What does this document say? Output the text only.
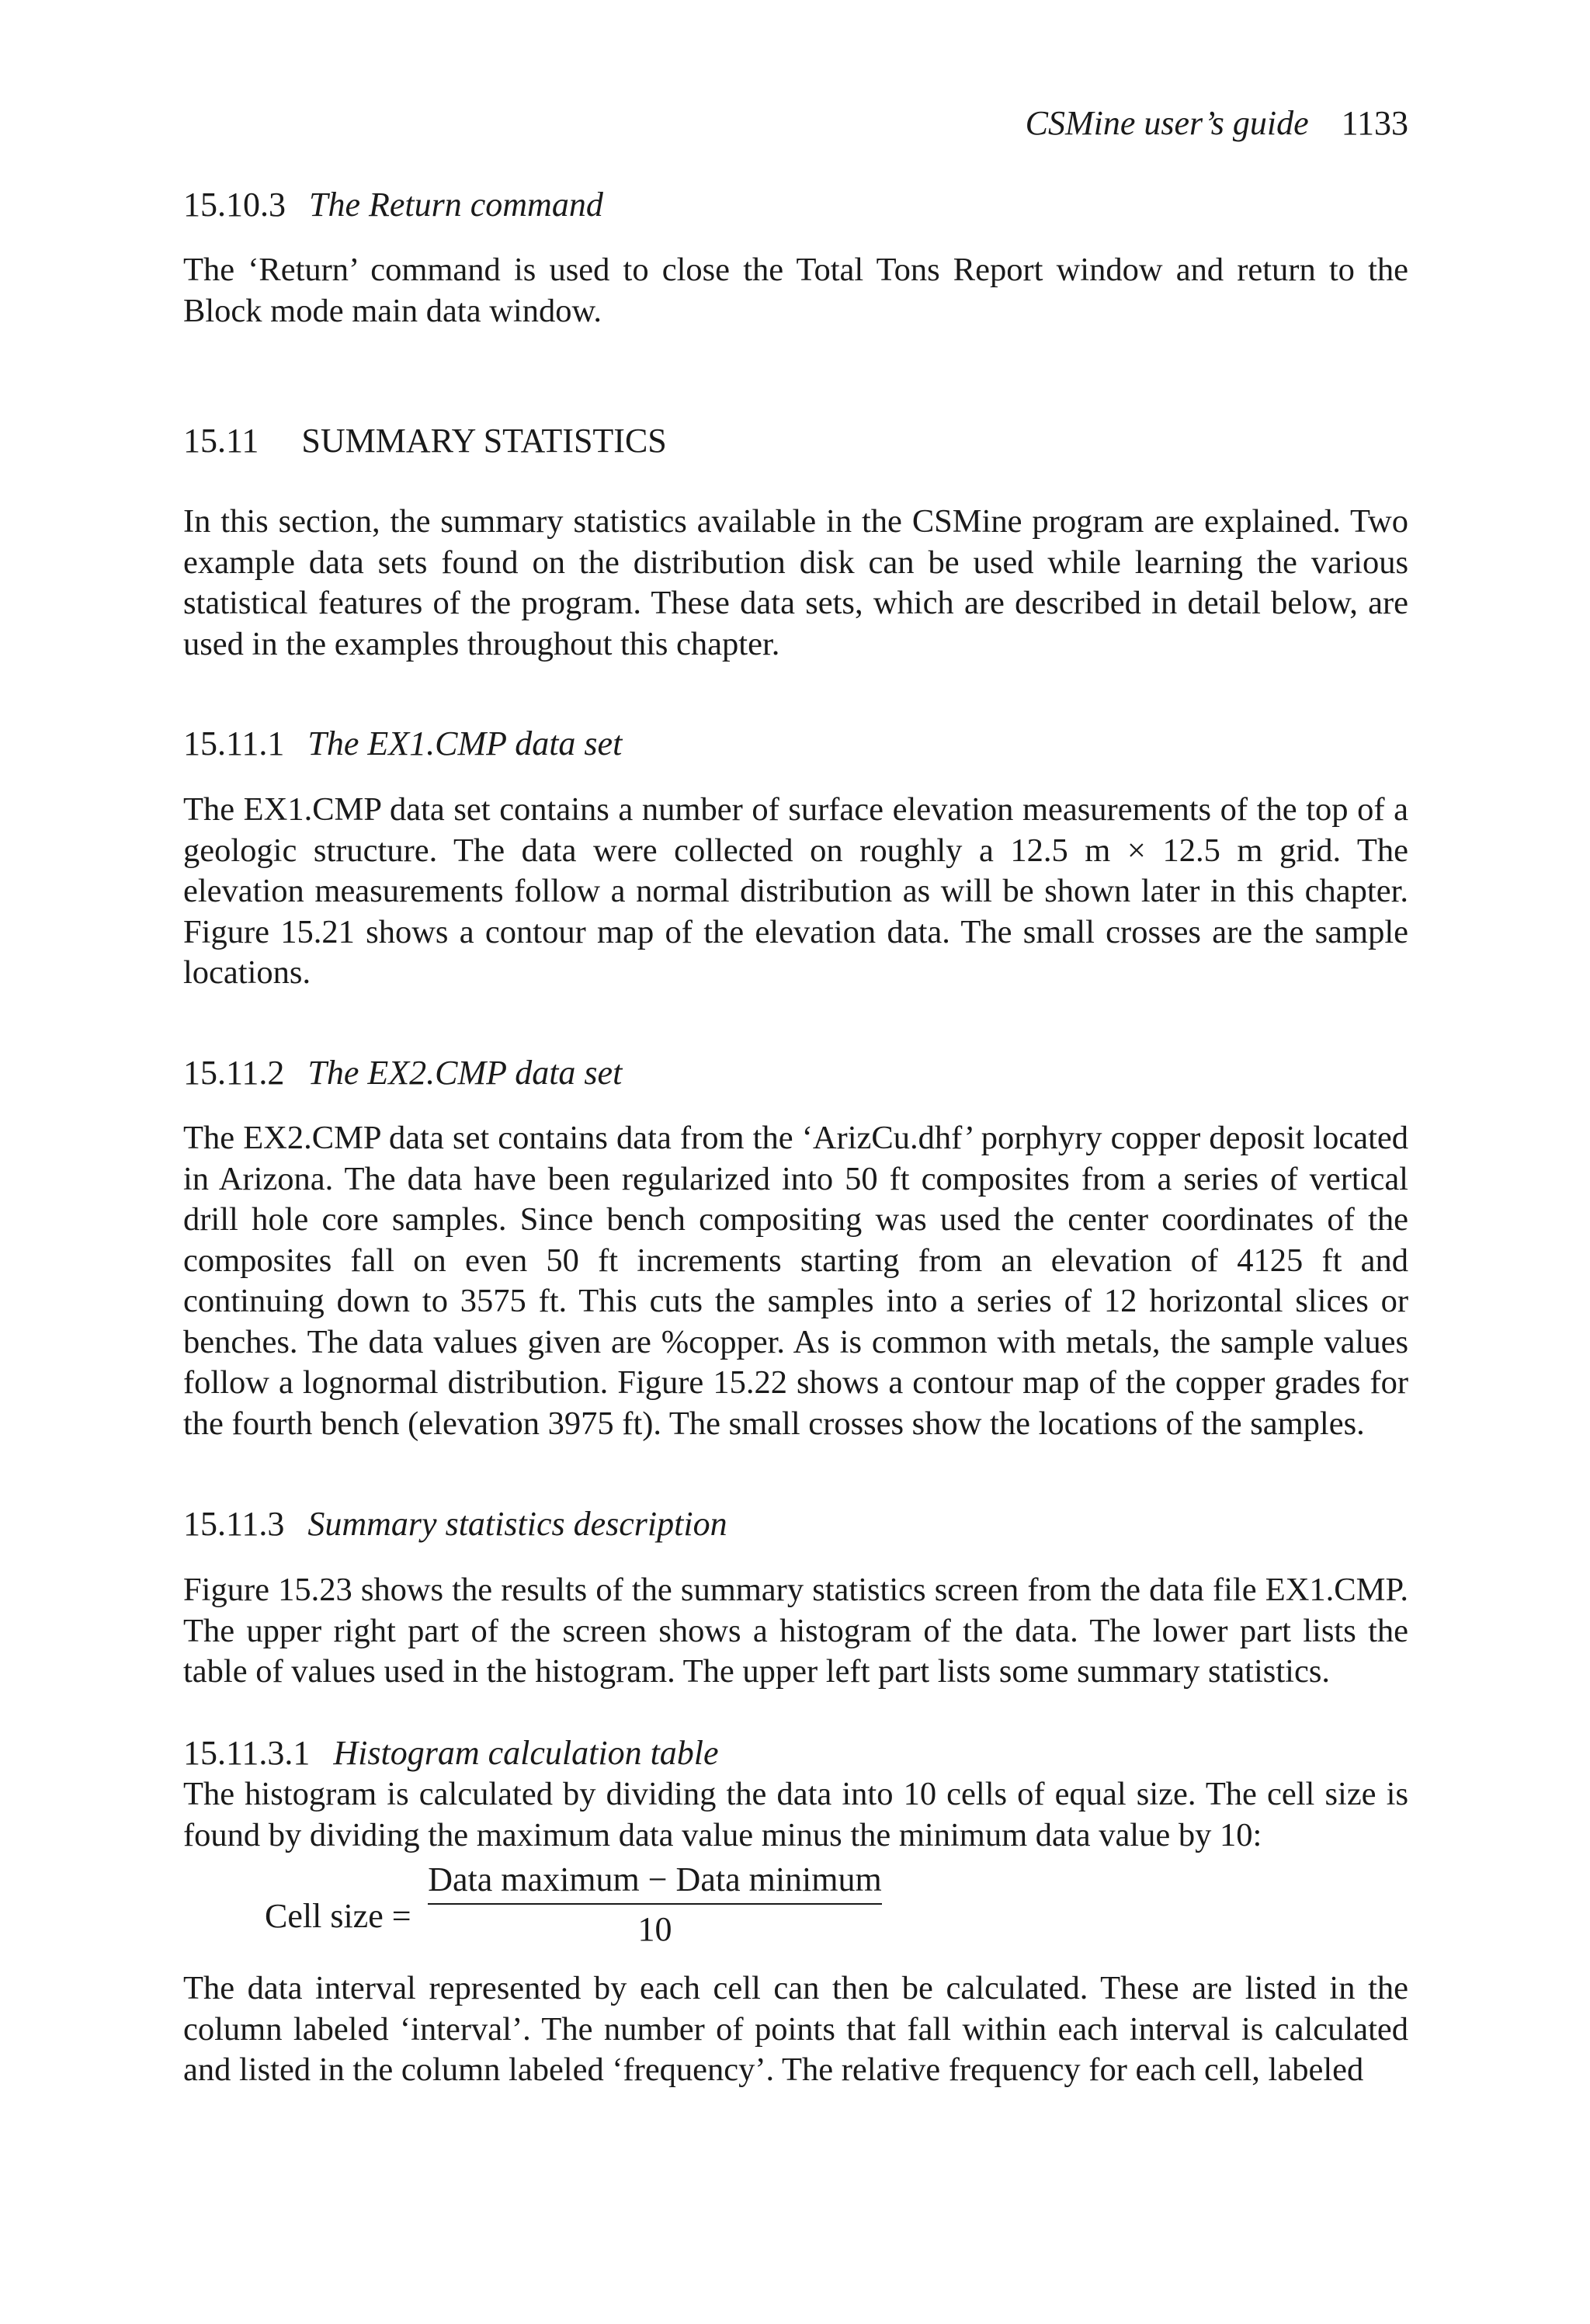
CSMine user’s guide 1133
15.10.3 The Return command

The ‘Return’ command is used to close the Total Tons Report window and return to the Block mode main data window.

15.11 SUMMARY STATISTICS

In this section, the summary statistics available in the CSMine program are explained. Two example data sets found on the distribution disk can be used while learning the various statistical features of the program. These data sets, which are described in detail below, are used in the examples throughout this chapter.

15.11.1 The EX1.CMP data set

The EX1.CMP data set contains a number of surface elevation measurements of the top of a geologic structure. The data were collected on roughly a 12.5 m × 12.5 m grid. The elevation measurements follow a normal distribution as will be shown later in this chapter. Figure 15.21 shows a contour map of the elevation data. The small crosses are the sample locations.

15.11.2 The EX2.CMP data set

The EX2.CMP data set contains data from the ‘ArizCu.dhf’ porphyry copper deposit located in Arizona. The data have been regularized into 50 ft composites from a series of vertical drill hole core samples. Since bench compositing was used the center coordinates of the composites fall on even 50 ft increments starting from an elevation of 4125 ft and continuing down to 3575 ft. This cuts the samples into a series of 12 horizontal slices or benches. The data values given are %copper. As is common with metals, the sample values follow a lognormal distribution. Figure 15.22 shows a contour map of the copper grades for the fourth bench (elevation 3975 ft). The small crosses show the locations of the samples.

15.11.3 Summary statistics description

Figure 15.23 shows the results of the summary statistics screen from the data file EX1.CMP. The upper right part of the screen shows a histogram of the data. The lower part lists the table of values used in the histogram. The upper left part lists some summary statistics.

15.11.3.1 Histogram calculation table

The histogram is calculated by dividing the data into 10 cells of equal size. The cell size is found by dividing the maximum data value minus the minimum data value by 10:

Cell size =
Data maximum − Data minimum
10

The data interval represented by each cell can then be calculated. These are listed in the column labeled ‘interval’. The number of points that fall within each interval is calculated and listed in the column labeled ‘frequency’. The relative frequency for each cell, labeled
